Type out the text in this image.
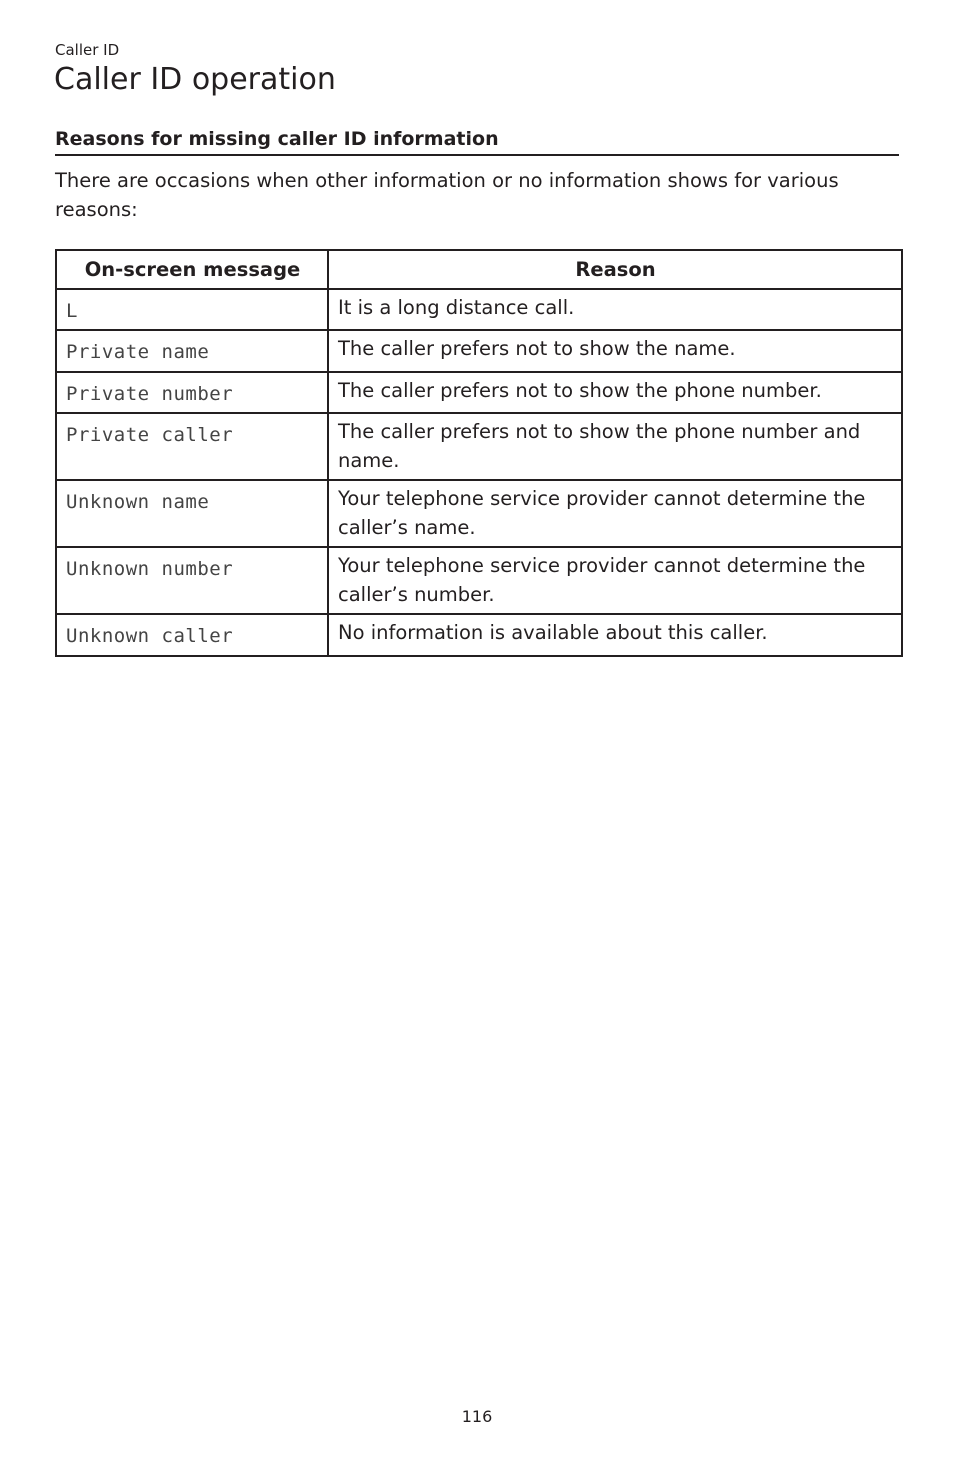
Caller ID
Caller ID operation
Reasons for missing caller ID information

There are occasions when other information or no information shows for various reasons:

On-screen message	Reason
L	It is a long distance call.
Private name	The caller prefers not to show the name.
Private number	The caller prefers not to show the phone number.
Private caller	The caller prefers not to show the phone number and name.
Unknown name	Your telephone service provider cannot determine the caller’s name.
Unknown number	Your telephone service provider cannot determine the caller’s number.
Unknown caller	No information is available about this caller.
116
